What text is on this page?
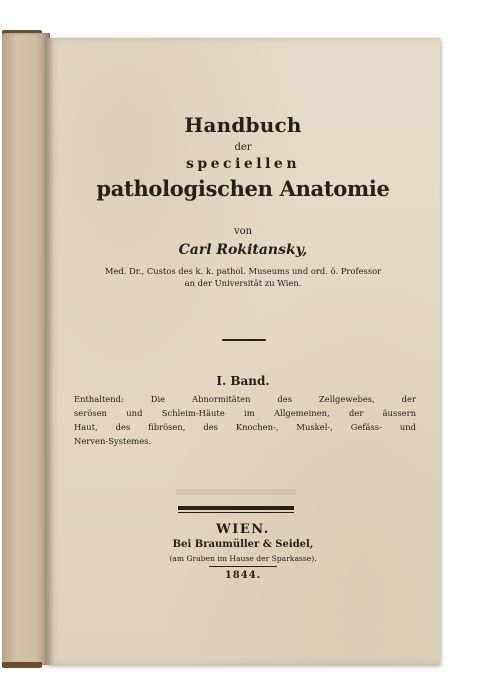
Handbuch
der
speciellen
pathologischen Anatomie
von
Carl Rokitansky,
Med. Dr., Custos des k. k. pathol. Museums und ord. ö. Professor
an der Universität zu Wien.
I. Band.
Enthaltend: Die Abnormitäten des Zellgewebes, der
serösen und Schleim-Häute im Allgemeinen, der äussern
Haut, des fibrösen, des Knochen-, Muskel-, Gefäss- und
Nerven-Systemes.
WIEN.
Bei Braumüller & Seidel,
(am Graben im Hause der Sparkasse).
1844.
